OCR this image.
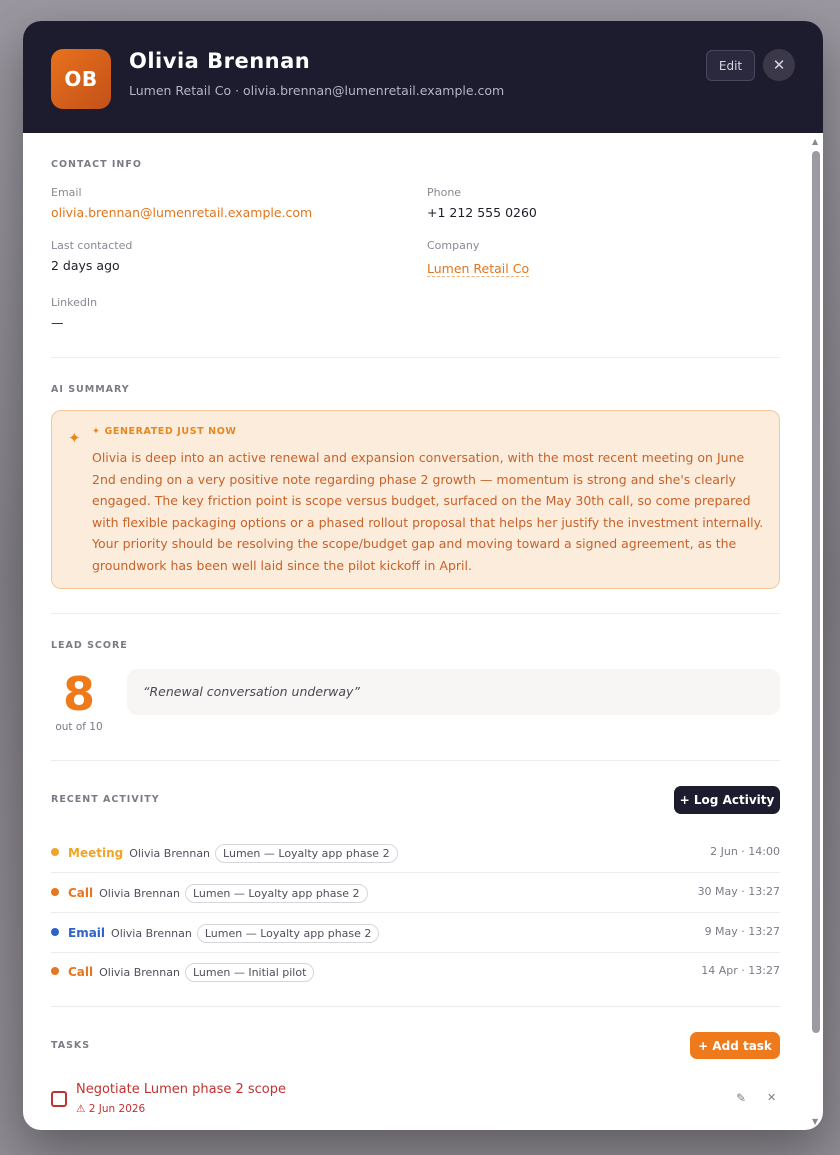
OB
Olivia Brennan
Lumen Retail Co · olivia.brennan@lumenretail.example.com
Edit	✕
CONTACT INFO
Email
olivia.brennan@lumenretail.example.com
Phone
+1 212 555 0260
Last contacted
2 days ago
Company
Lumen Retail Co
LinkedIn
—
AI SUMMARY
✦ ✦ GENERATED JUST NOW
Olivia is deep into an active renewal and expansion conversation, with the most recent meeting on June 2nd ending on a very positive note regarding phase 2 growth — momentum is strong and she's clearly engaged. The key friction point is scope versus budget, surfaced on the May 30th call, so come prepared with flexible packaging options or a phased rollout proposal that helps her justify the investment internally. Your priority should be resolving the scope/budget gap and moving toward a signed agreement, as the groundwork has been well laid since the pilot kickoff in April.
LEAD SCORE
8
out of 10
“Renewal conversation underway”
RECENT ACTIVITY	+ Log Activity
Meeting Olivia Brennan Lumen — Loyalty app phase 2	2 Jun · 14:00
Call Olivia Brennan Lumen — Loyalty app phase 2	30 May · 13:27
Email Olivia Brennan Lumen — Loyalty app phase 2	9 May · 13:27
Call Olivia Brennan Lumen — Initial pilot	14 Apr · 13:27
TASKS	+ Add task
Negotiate Lumen phase 2 scope
⚠ 2 Jun 2026
✎ ✕
▲
▼
